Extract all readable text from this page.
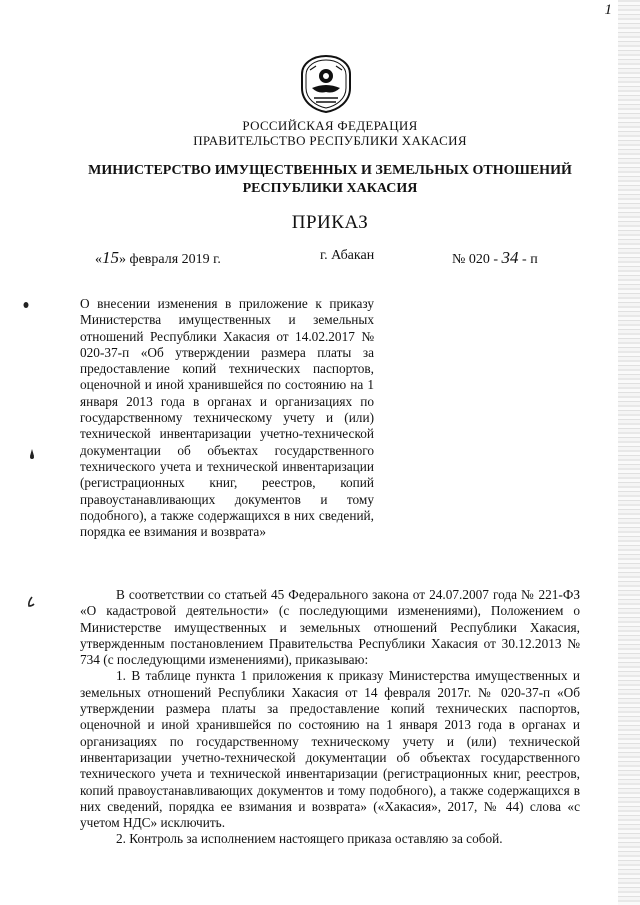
1
РОССИЙСКАЯ ФЕДЕРАЦИЯ
ПРАВИТЕЛЬСТВО РЕСПУБЛИКИ ХАКАСИЯ
МИНИСТЕРСТВО ИМУЩЕСТВЕННЫХ И ЗЕМЕЛЬНЫХ ОТНОШЕНИЙ
РЕСПУБЛИКИ ХАКАСИЯ
ПРИКАЗ
«15» февраля 2019 г.	г. Абакан	№ 020 - 34 - п
О внесении изменения в приложение к приказу Министерства имущественных и земельных отношений Республики Хакасия от 14.02.2017 № 020-37-п «Об утверждении размера платы за предоставление копий технических паспортов, оценочной и иной хранившейся по состоянию на 1 января 2013 года в органах и организациях по государственному техническому учету и (или) технической инвентаризации учетно-технической документации об объектах государственного технического учета и технической инвентаризации (регистрационных книг, реестров, копий правоустанавливающих документов и тому подобного), а также содержащихся в них сведений, порядка ее взимания и возврата»

В соответствии со статьей 45 Федерального закона от 24.07.2007 года № 221-ФЗ «О кадастровой деятельности» (с последующими изменениями), Положением о Министерстве имущественных и земельных отношений Республики Хакасия, утвержденным постановлением Правительства Республики Хакасия от 30.12.2013 № 734 (с последующими изменениями), приказываю:

1. В таблице пункта 1 приложения к приказу Министерства имущественных и земельных отношений Республики Хакасия от 14 февраля 2017г. № 020-37-п «Об утверждении размера платы за предоставление копий технических паспортов, оценочной и иной хранившейся по состоянию на 1 января 2013 года в органах и организациях по государственному техническому учету и (или) технической инвентаризации учетно-технической документации об объектах государственного технического учета и технической инвентаризации (регистрационных книг, реестров, копий правоустанавливающих документов и тому подобного), а также содержащихся в них сведений, порядка ее взимания и возврата» («Хакасия», 2017, № 44) слова «с учетом НДС» исключить.

2. Контроль за исполнением настоящего приказа оставляю за собой.
